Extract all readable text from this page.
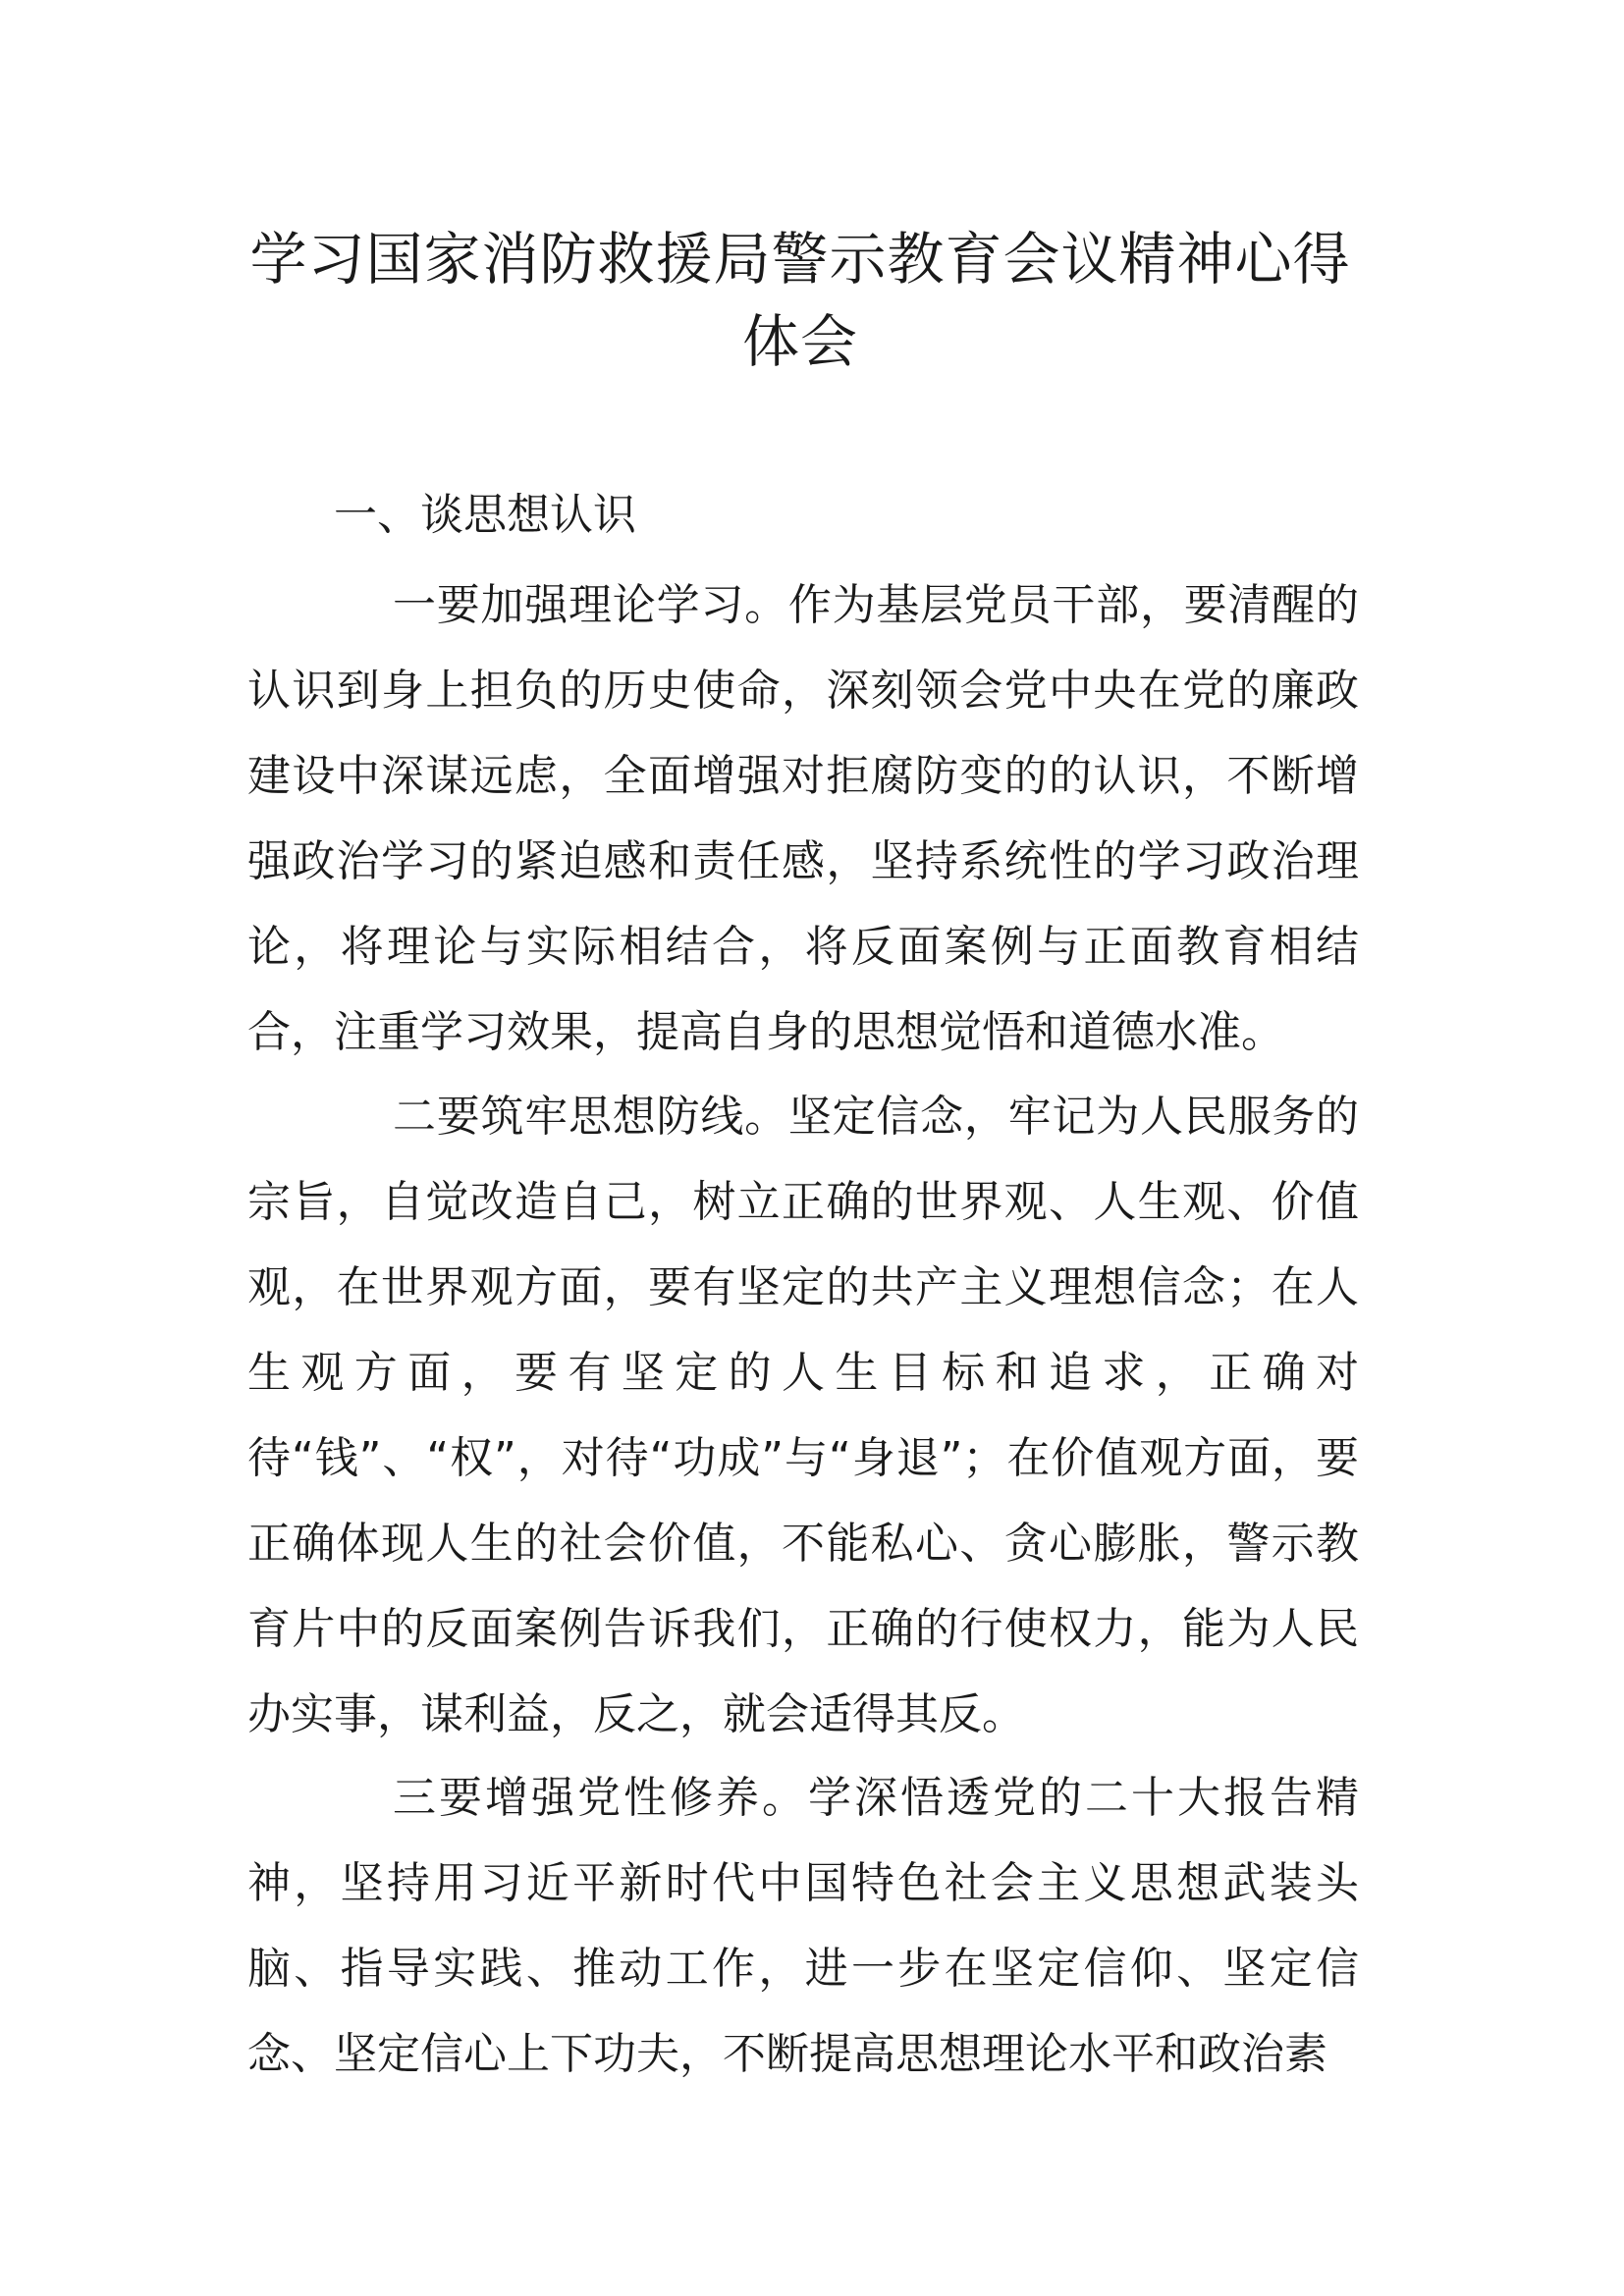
学习国家消防救援局警示教育会议精神心得体会
一、谈思想认识

一要加强理论学习。作为基层党员干部，要清醒的认识到身上担负的历史使命，深刻领会党中央在党的廉政建设中深谋远虑，全面增强对拒腐防变的的认识，不断增强政治学习的紧迫感和责任感，坚持系统性的学习政治理论，将理论与实际相结合，将反面案例与正面教育相结合，注重学习效果，提高自身的思想觉悟和道德水准。

二要筑牢思想防线。坚定信念，牢记为人民服务的宗旨，自觉改造自己，树立正确的世界观、人生观、价值观，在世界观方面，要有坚定的共产主义理想信念；在人生观方面，要有坚定的人生目标和追求，正确对待“钱”、“权”，对待“功成”与“身退”；在价值观方面，要正确体现人生的社会价值，不能私心、贪心膨胀，警示教育片中的反面案例告诉我们，正确的行使权力，能为人民办实事，谋利益，反之，就会适得其反。

三要增强党性修养。学深悟透党的二十大报告精神，坚持用习近平新时代中国特色社会主义思想武装头脑、指导实践、推动工作，进一步在坚定信仰、坚定信念、坚定信心上下功夫，不断提高思想理论水平和政治素
